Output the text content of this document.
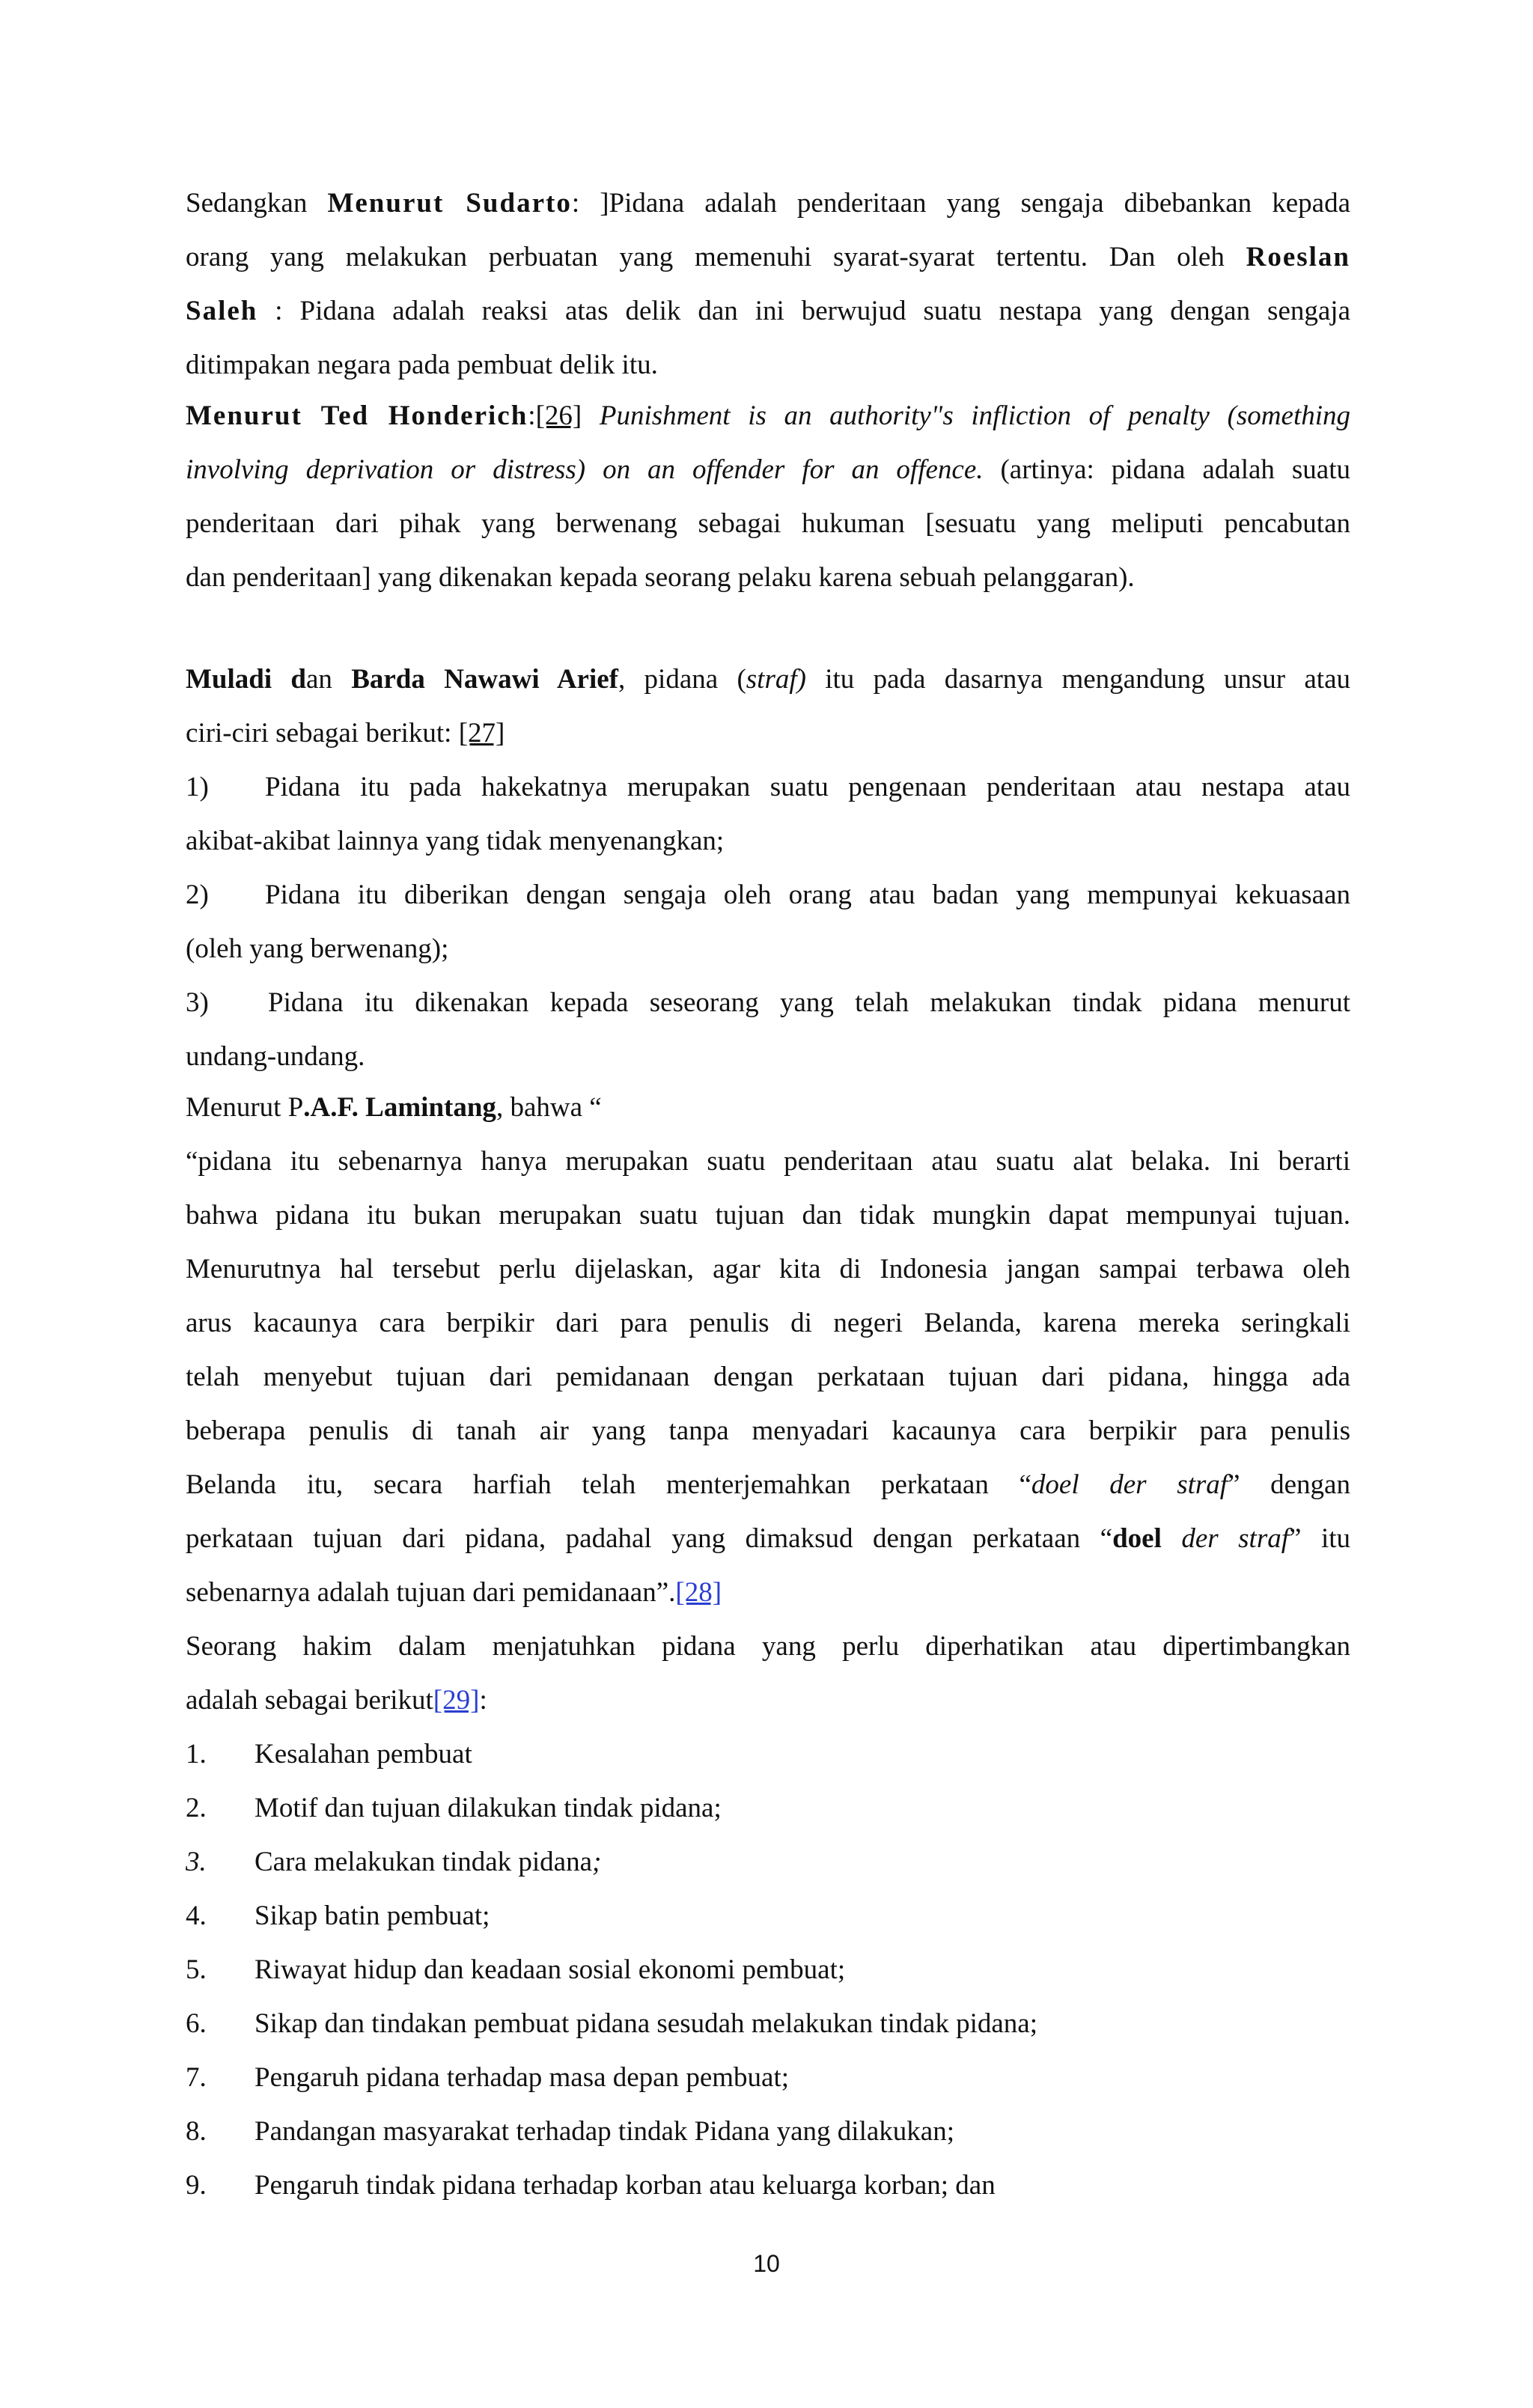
Sedangkan Menurut Sudarto: ]Pidana adalah penderitaan yang sengaja dibebankan kepada
orang yang melakukan perbuatan yang memenuhi syarat-syarat tertentu. Dan oleh Roeslan
Saleh : Pidana adalah reaksi atas delik dan ini berwujud suatu nestapa yang dengan sengaja
ditimpakan negara pada pembuat delik itu.
Menurut Ted Honderich:[26] Punishment is an authority"s infliction of penalty (something
involving deprivation or distress) on an offender for an offence. (artinya: pidana adalah suatu
penderitaan dari pihak yang berwenang sebagai hukuman [sesuatu yang meliputi pencabutan
dan penderitaan] yang dikenakan kepada seorang pelaku karena sebuah pelanggaran).
Muladi dan Barda Nawawi Arief, pidana (straf) itu pada dasarnya mengandung unsur atau
ciri-ciri sebagai berikut: [27]
1)	Pidana itu pada hakekatnya merupakan suatu pengenaan penderitaan atau nestapa atau
akibat-akibat lainnya yang tidak menyenangkan;
2)	Pidana itu diberikan dengan sengaja oleh orang atau badan yang mempunyai kekuasaan
(oleh yang berwenang);
3)	Pidana itu dikenakan kepada seseorang yang telah melakukan tindak pidana menurut
undang-undang.
Menurut P.A.F. Lamintang, bahwa “
“pidana itu sebenarnya hanya merupakan suatu penderitaan atau suatu alat belaka. Ini berarti
bahwa pidana itu bukan merupakan suatu tujuan dan tidak mungkin dapat mempunyai tujuan.
Menurutnya hal tersebut perlu dijelaskan, agar kita di Indonesia jangan sampai terbawa oleh
arus kacaunya cara berpikir dari para penulis di negeri Belanda, karena mereka seringkali
telah menyebut tujuan dari pemidanaan dengan perkataan tujuan dari pidana, hingga ada
beberapa penulis di tanah air yang tanpa menyadari kacaunya cara berpikir para penulis
Belanda itu, secara harfiah telah menterjemahkan perkataan “doel der straf” dengan
perkataan tujuan dari pidana, padahal yang dimaksud dengan perkataan “doel der straf” itu
sebenarnya adalah tujuan dari pemidanaan”.[28]
Seorang hakim dalam menjatuhkan pidana yang perlu diperhatikan atau dipertimbangkan
adalah sebagai berikut[29]:
1.	Kesalahan pembuat
2.	Motif dan tujuan dilakukan tindak pidana;
3.	Cara melakukan tindak pidana;
4.	Sikap batin pembuat;
5.	Riwayat hidup dan keadaan sosial ekonomi pembuat;
6.	Sikap dan tindakan pembuat pidana sesudah melakukan tindak pidana;
7.	Pengaruh pidana terhadap masa depan pembuat;
8.	Pandangan masyarakat terhadap tindak Pidana yang dilakukan;
9.	Pengaruh tindak pidana terhadap korban atau keluarga korban; dan
10
